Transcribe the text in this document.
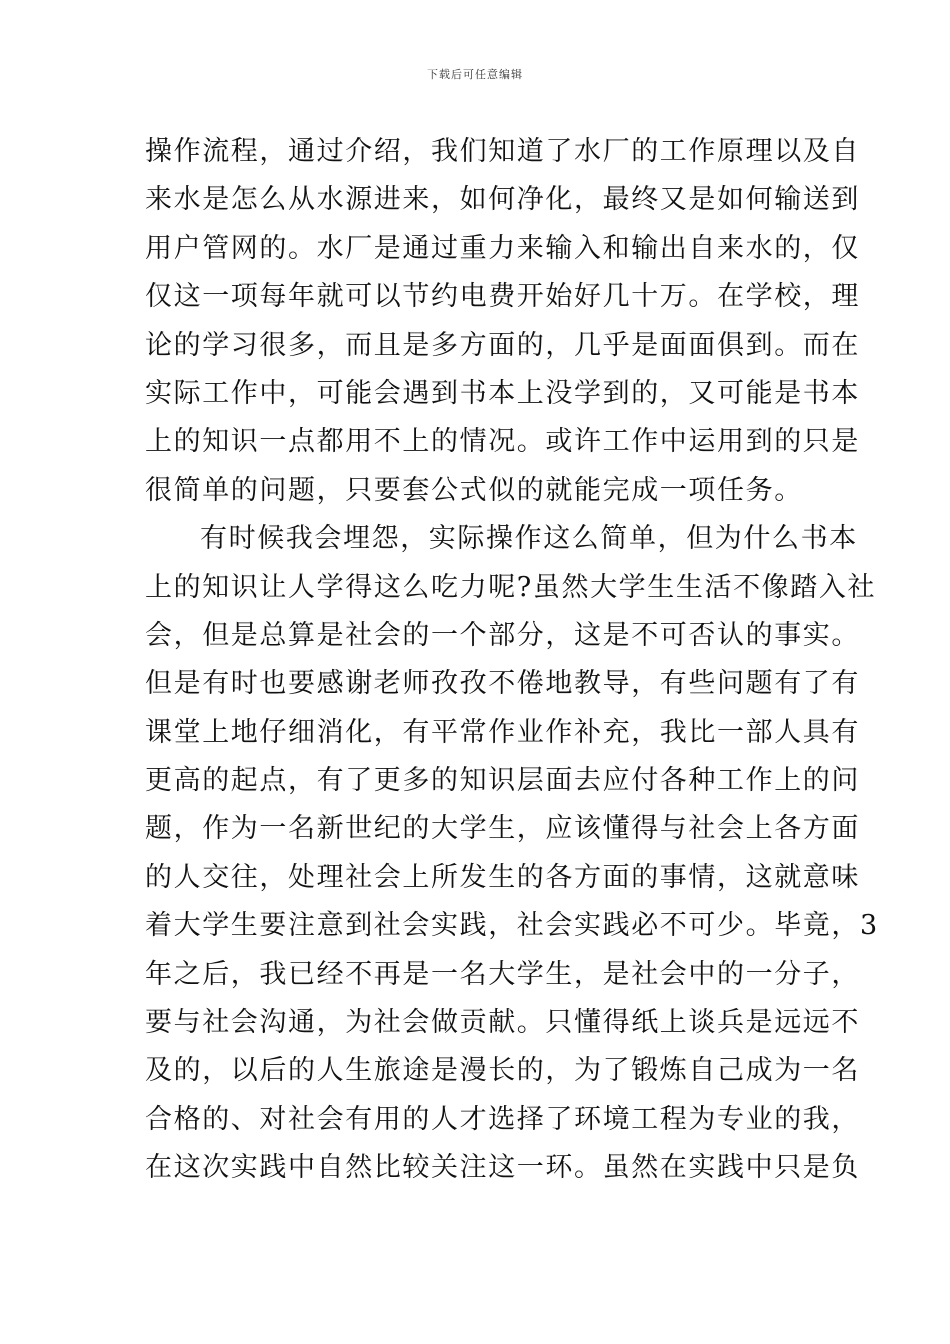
下载后可任意编辑
操作流程，通过介绍，我们知道了水厂的工作原理以及自
来水是怎么从水源进来，如何净化，最终又是如何输送到
用户管网的。水厂是通过重力来输入和输出自来水的，仅
仅这一项每年就可以节约电费开始好几十万。在学校，理
论的学习很多，而且是多方面的，几乎是面面俱到。而在
实际工作中，可能会遇到书本上没学到的，又可能是书本
上的知识一点都用不上的情况。或许工作中运用到的只是
很简单的问题，只要套公式似的就能完成一项任务。
有时候我会埋怨，实际操作这么简单，但为什么书本
上的知识让人学得这么吃力呢?虽然大学生生活不像踏入社
会，但是总算是社会的一个部分，这是不可否认的事实。
但是有时也要感谢老师孜孜不倦地教导，有些问题有了有
课堂上地仔细消化，有平常作业作补充，我比一部人具有
更高的起点，有了更多的知识层面去应付各种工作上的问
题，作为一名新世纪的大学生，应该懂得与社会上各方面
的人交往，处理社会上所发生的各方面的事情，这就意味
着大学生要注意到社会实践，社会实践必不可少。毕竟，3
年之后，我已经不再是一名大学生，是社会中的一分子，
要与社会沟通，为社会做贡献。只懂得纸上谈兵是远远不
及的，以后的人生旅途是漫长的，为了锻炼自己成为一名
合格的、对社会有用的人才选择了环境工程为专业的我，
在这次实践中自然比较关注这一环。虽然在实践中只是负
